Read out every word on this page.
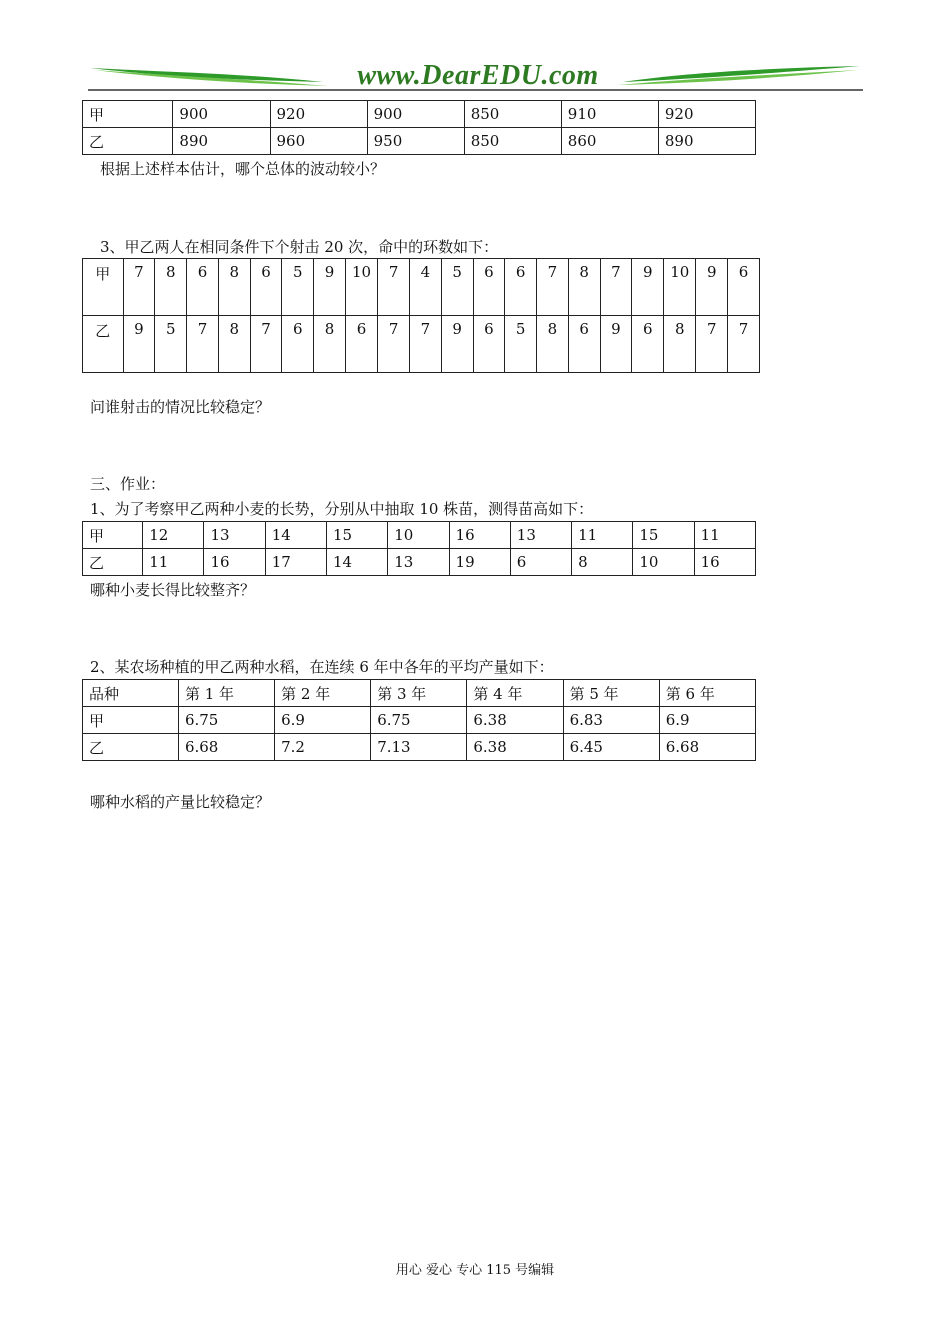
www.DearEDU.com
甲	900	920	900	850	910	920
乙	890	960	950	850	860	890
根据上述样本估计，哪个总体的波动较小？
3、甲乙两人在相同条件下个射击 20 次，命中的环数如下：
甲	7	8	6	8	6	5	9	10	7	4	5	6	6	7	8	7	9	10	9	6
乙	9	5	7	8	7	6	8	6	7	7	9	6	5	8	6	9	6	8	7	7
问谁射击的情况比较稳定？
三、作业：
1、为了考察甲乙两种小麦的长势，分别从中抽取 10 株苗，测得苗高如下：
甲	12	13	14	15	10	16	13	11	15	11
乙	11	16	17	14	13	19	6	8	10	16
哪种小麦长得比较整齐？
2、某农场种植的甲乙两种水稻，在连续 6 年中各年的平均产量如下：
品种	第 1 年	第 2 年	第 3 年	第 4 年	第 5 年	第 6 年
甲	6.75	6.9	6.75	6.38	6.83	6.9
乙	6.68	7.2	7.13	6.38	6.45	6.68
哪种水稻的产量比较稳定？
用心 爱心 专心 115 号编辑
